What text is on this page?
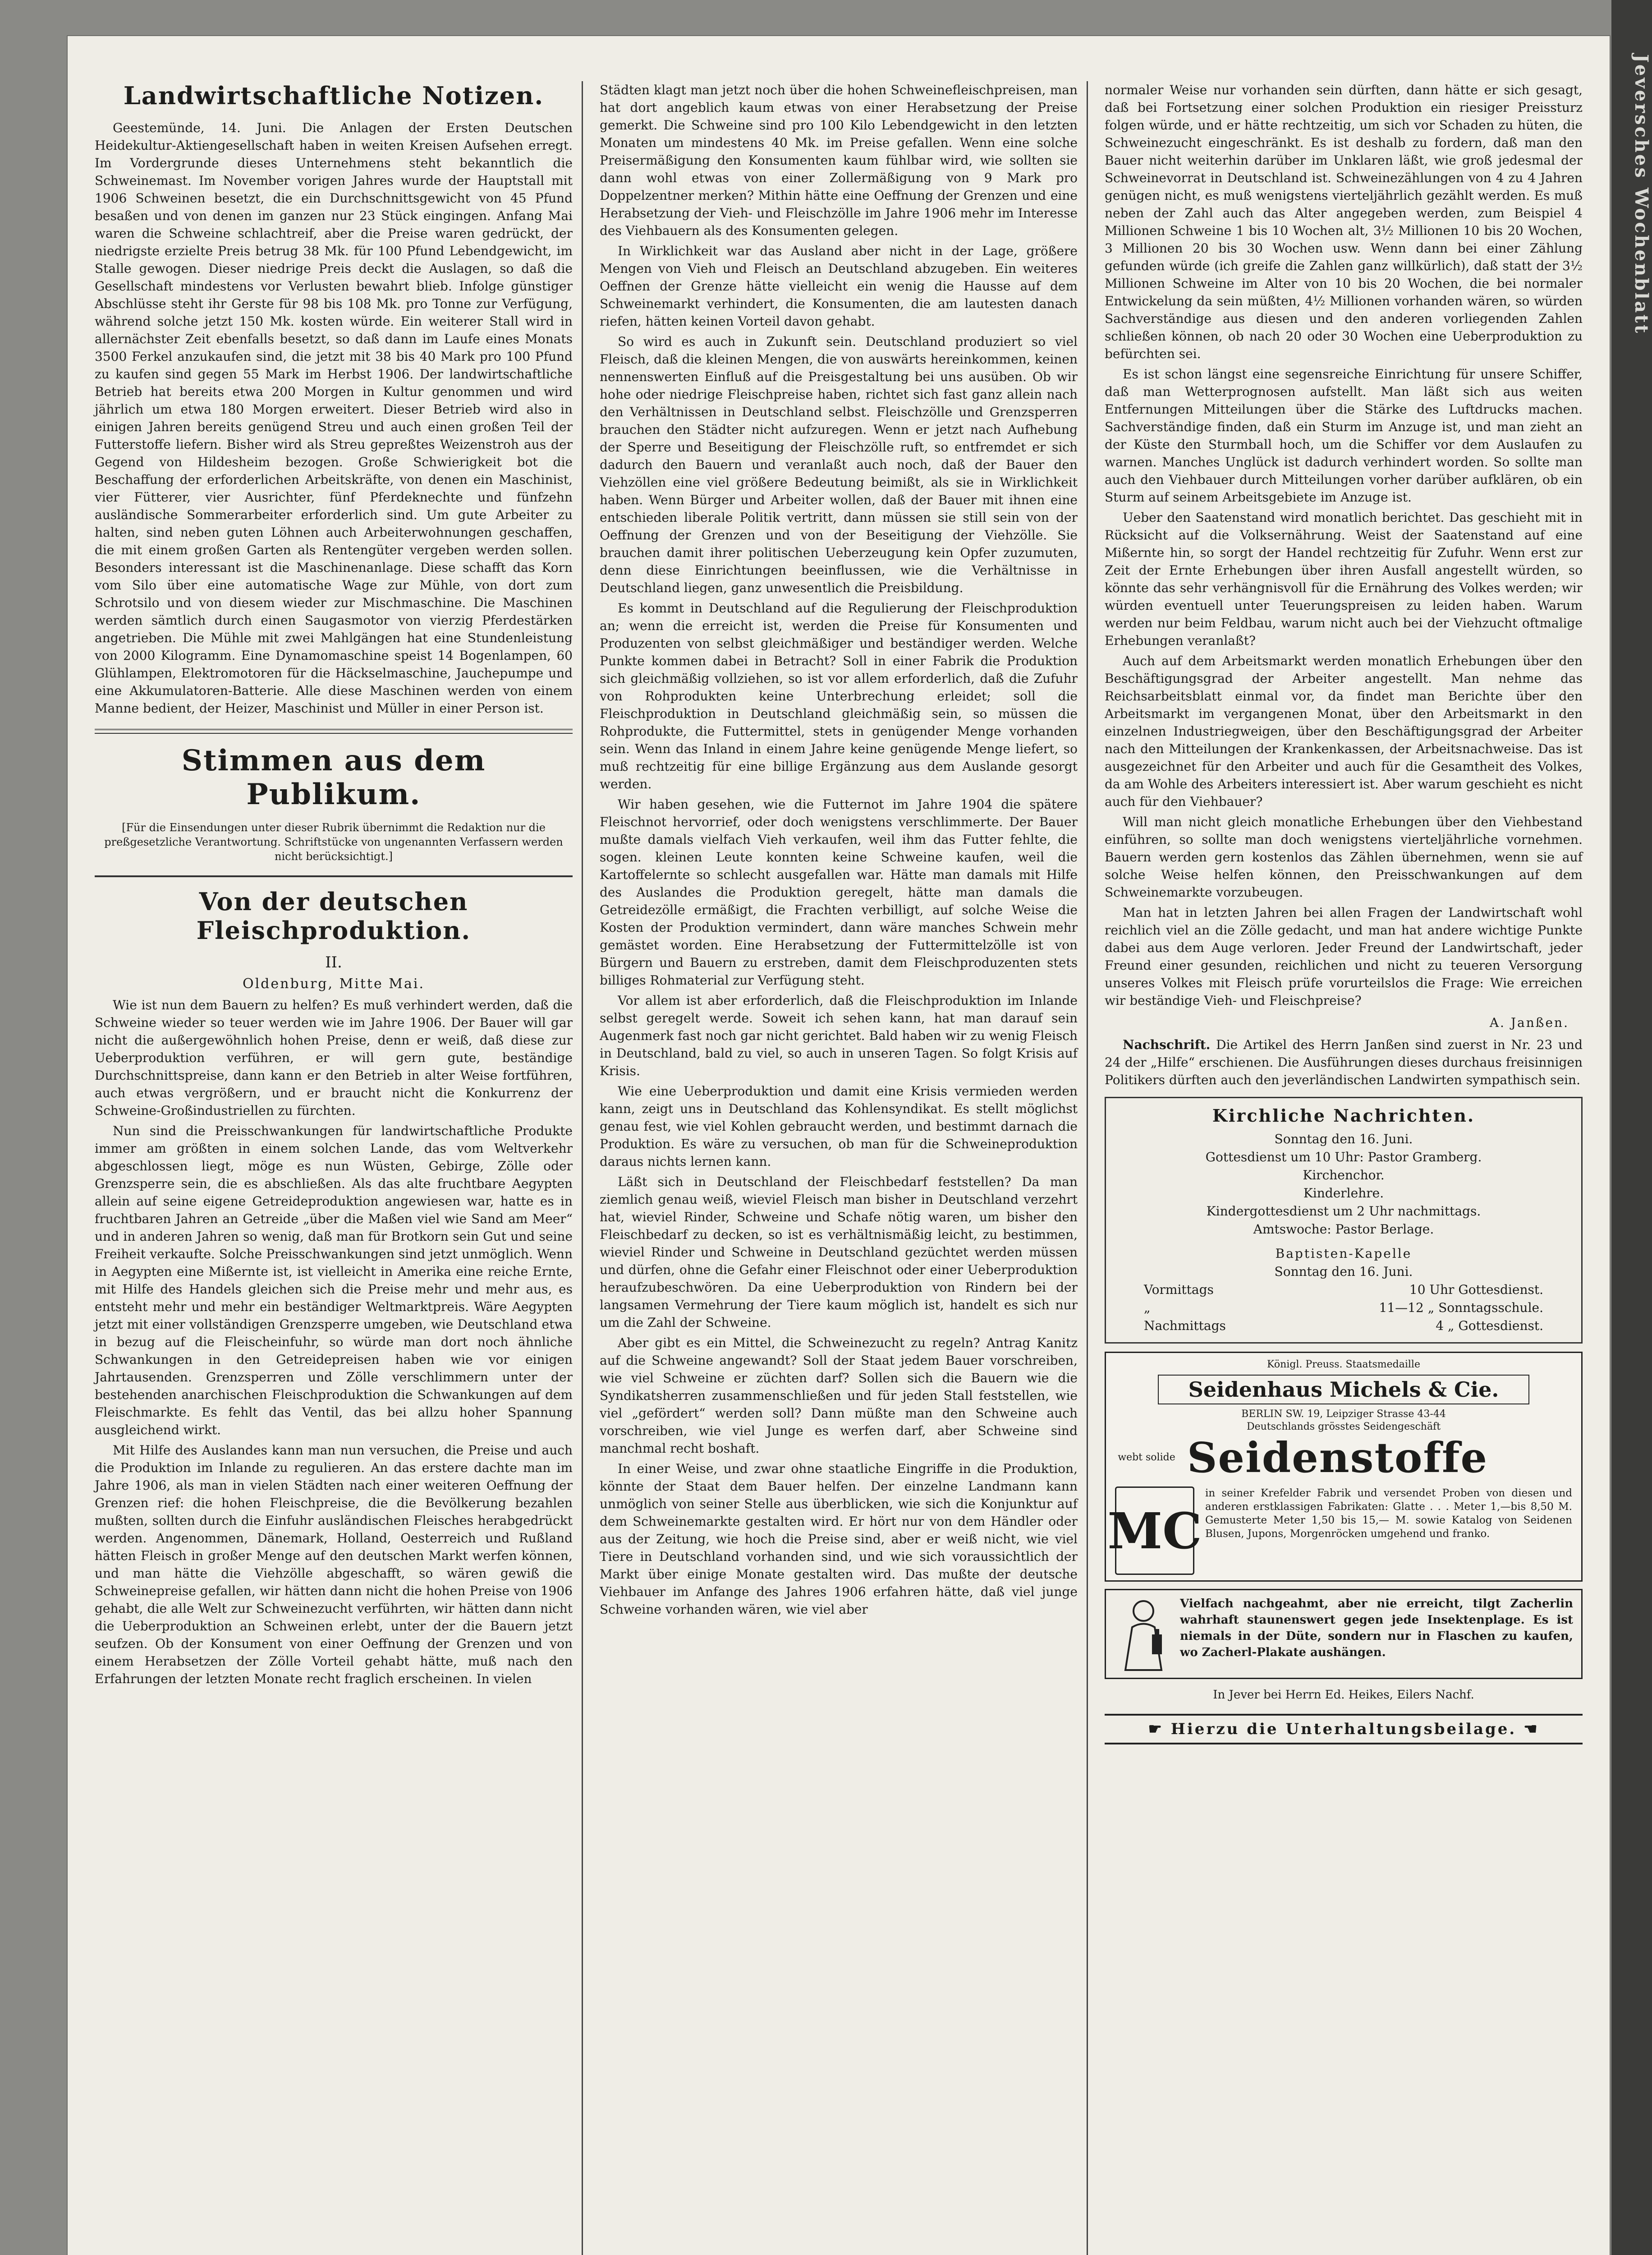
Jeversches Wochenblatt
Landwirtschaftliche Notizen.

Geestemünde, 14. Juni. Die Anlagen der Ersten Deutschen Heidekultur-Aktiengesellschaft haben in weiten Kreisen Aufsehen erregt. Im Vordergrunde dieses Unternehmens steht bekanntlich die Schweinemast. Im November vorigen Jahres wurde der Hauptstall mit 1906 Schweinen besetzt, die ein Durchschnittsgewicht von 45 Pfund besaßen und von denen im ganzen nur 23 Stück eingingen. Anfang Mai waren die Schweine schlachtreif, aber die Preise waren gedrückt, der niedrigste erzielte Preis betrug 38 Mk. für 100 Pfund Lebendgewicht, im Stalle gewogen. Dieser niedrige Preis deckt die Auslagen, so daß die Gesellschaft mindestens vor Verlusten bewahrt blieb. Infolge günstiger Abschlüsse steht ihr Gerste für 98 bis 108 Mk. pro Tonne zur Verfügung, während solche jetzt 150 Mk. kosten würde. Ein weiterer Stall wird in allernächster Zeit ebenfalls besetzt, so daß dann im Laufe eines Monats 3500 Ferkel anzukaufen sind, die jetzt mit 38 bis 40 Mark pro 100 Pfund zu kaufen sind gegen 55 Mark im Herbst 1906. Der landwirtschaftliche Betrieb hat bereits etwa 200 Morgen in Kultur genommen und wird jährlich um etwa 180 Morgen erweitert. Dieser Betrieb wird also in einigen Jahren bereits genügend Streu und auch einen großen Teil der Futterstoffe liefern. Bisher wird als Streu gepreßtes Weizenstroh aus der Gegend von Hildesheim bezogen. Große Schwierigkeit bot die Beschaffung der erforderlichen Arbeitskräfte, von denen ein Maschinist, vier Fütterer, vier Ausrichter, fünf Pferdeknechte und fünfzehn ausländische Sommerarbeiter erforderlich sind. Um gute Arbeiter zu halten, sind neben guten Löhnen auch Arbeiterwohnungen geschaffen, die mit einem großen Garten als Rentengüter vergeben werden sollen. Besonders interessant ist die Maschinenanlage. Diese schafft das Korn vom Silo über eine automatische Wage zur Mühle, von dort zum Schrotsilo und von diesem wieder zur Mischmaschine. Die Maschinen werden sämtlich durch einen Saugasmotor von vierzig Pferdestärken angetrieben. Die Mühle mit zwei Mahlgängen hat eine Stundenleistung von 2000 Kilogramm. Eine Dynamomaschine speist 14 Bogenlampen, 60 Glühlampen, Elektromotoren für die Häckselmaschine, Jauchepumpe und eine Akkumulatoren-Batterie. Alle diese Maschinen werden von einem Manne bedient, der Heizer, Maschinist und Müller in einer Person ist.

Stimmen aus dem Publikum.
[Für die Einsendungen unter dieser Rubrik übernimmt die Redaktion nur die preßgesetzliche Verantwortung. Schriftstücke von ungenannten Verfassern werden nicht berücksichtigt.]
Von der deutschen Fleischproduktion.
II.
Oldenburg, Mitte Mai.

Wie ist nun dem Bauern zu helfen? Es muß verhindert werden, daß die Schweine wieder so teuer werden wie im Jahre 1906. Der Bauer will gar nicht die außergewöhnlich hohen Preise, denn er weiß, daß diese zur Ueberproduktion verführen, er will gern gute, beständige Durchschnittspreise, dann kann er den Betrieb in alter Weise fortführen, auch etwas vergrößern, und er braucht nicht die Konkurrenz der Schweine-Großindustriellen zu fürchten.

Nun sind die Preisschwankungen für landwirtschaftliche Produkte immer am größten in einem solchen Lande, das vom Weltverkehr abgeschlossen liegt, möge es nun Wüsten, Gebirge, Zölle oder Grenzsperre sein, die es abschließen. Als das alte fruchtbare Aegypten allein auf seine eigene Getreideproduktion angewiesen war, hatte es in fruchtbaren Jahren an Getreide „über die Maßen viel wie Sand am Meer“ und in anderen Jahren so wenig, daß man für Brotkorn sein Gut und seine Freiheit verkaufte. Solche Preisschwankungen sind jetzt unmöglich. Wenn in Aegypten eine Mißernte ist, ist vielleicht in Amerika eine reiche Ernte, mit Hilfe des Handels gleichen sich die Preise mehr und mehr aus, es entsteht mehr und mehr ein beständiger Weltmarktpreis. Wäre Aegypten jetzt mit einer vollständigen Grenzsperre umgeben, wie Deutschland etwa in bezug auf die Fleischeinfuhr, so würde man dort noch ähnliche Schwankungen in den Getreidepreisen haben wie vor einigen Jahrtausenden. Grenzsperren und Zölle verschlimmern unter der bestehenden anarchischen Fleischproduktion die Schwankungen auf dem Fleischmarkte. Es fehlt das Ventil, das bei allzu hoher Spannung ausgleichend wirkt.

Mit Hilfe des Auslandes kann man nun versuchen, die Preise und auch die Produktion im Inlande zu regulieren. An das erstere dachte man im Jahre 1906, als man in vielen Städten nach einer weiteren Oeffnung der Grenzen rief: die hohen Fleischpreise, die die Bevölkerung bezahlen mußten, sollten durch die Einfuhr ausländischen Fleisches herabgedrückt werden. Angenommen, Dänemark, Holland, Oesterreich und Rußland hätten Fleisch in großer Menge auf den deutschen Markt werfen können, und man hätte die Viehzölle abgeschafft, so wären gewiß die Schweinepreise gefallen, wir hätten dann nicht die hohen Preise von 1906 gehabt, die alle Welt zur Schweinezucht verführten, wir hätten dann nicht die Ueberproduktion an Schweinen erlebt, unter der die Bauern jetzt seufzen. Ob der Konsument von einer Oeffnung der Grenzen und von einem Herabsetzen der Zölle Vorteil gehabt hätte, muß nach den Erfahrungen der letzten Monate recht fraglich erscheinen. In vielen

Städten klagt man jetzt noch über die hohen Schweinefleischpreisen, man hat dort angeblich kaum etwas von einer Herabsetzung der Preise gemerkt. Die Schweine sind pro 100 Kilo Lebendgewicht in den letzten Monaten um mindestens 40 Mk. im Preise gefallen. Wenn eine solche Preisermäßigung den Konsumenten kaum fühlbar wird, wie sollten sie dann wohl etwas von einer Zollermäßigung von 9 Mark pro Doppelzentner merken? Mithin hätte eine Oeffnung der Grenzen und eine Herabsetzung der Vieh- und Fleischzölle im Jahre 1906 mehr im Interesse des Viehbauern als des Konsumenten gelegen.

In Wirklichkeit war das Ausland aber nicht in der Lage, größere Mengen von Vieh und Fleisch an Deutschland abzugeben. Ein weiteres Oeffnen der Grenze hätte vielleicht ein wenig die Hausse auf dem Schweinemarkt verhindert, die Konsumenten, die am lautesten danach riefen, hätten keinen Vorteil davon gehabt.

So wird es auch in Zukunft sein. Deutschland produziert so viel Fleisch, daß die kleinen Mengen, die von auswärts hereinkommen, keinen nennenswerten Einfluß auf die Preisgestaltung bei uns ausüben. Ob wir hohe oder niedrige Fleischpreise haben, richtet sich fast ganz allein nach den Verhältnissen in Deutschland selbst. Fleischzölle und Grenzsperren brauchen den Städter nicht aufzuregen. Wenn er jetzt nach Aufhebung der Sperre und Beseitigung der Fleischzölle ruft, so entfremdet er sich dadurch den Bauern und veranlaßt auch noch, daß der Bauer den Viehzöllen eine viel größere Bedeutung beimißt, als sie in Wirklichkeit haben. Wenn Bürger und Arbeiter wollen, daß der Bauer mit ihnen eine entschieden liberale Politik vertritt, dann müssen sie still sein von der Oeffnung der Grenzen und von der Beseitigung der Viehzölle. Sie brauchen damit ihrer politischen Ueberzeugung kein Opfer zuzumuten, denn diese Einrichtungen beeinflussen, wie die Verhältnisse in Deutschland liegen, ganz unwesentlich die Preisbildung.

Es kommt in Deutschland auf die Regulierung der Fleischproduktion an; wenn die erreicht ist, werden die Preise für Konsumenten und Produzenten von selbst gleichmäßiger und beständiger werden. Welche Punkte kommen dabei in Betracht? Soll in einer Fabrik die Produktion sich gleichmäßig vollziehen, so ist vor allem erforderlich, daß die Zufuhr von Rohprodukten keine Unterbrechung erleidet; soll die Fleischproduktion in Deutschland gleichmäßig sein, so müssen die Rohprodukte, die Futtermittel, stets in genügender Menge vorhanden sein. Wenn das Inland in einem Jahre keine genügende Menge liefert, so muß rechtzeitig für eine billige Ergänzung aus dem Auslande gesorgt werden.

Wir haben gesehen, wie die Futternot im Jahre 1904 die spätere Fleischnot hervorrief, oder doch wenigstens verschlimmerte. Der Bauer mußte damals vielfach Vieh verkaufen, weil ihm das Futter fehlte, die sogen. kleinen Leute konnten keine Schweine kaufen, weil die Kartoffelernte so schlecht ausgefallen war. Hätte man damals mit Hilfe des Auslandes die Produktion geregelt, hätte man damals die Getreidezölle ermäßigt, die Frachten verbilligt, auf solche Weise die Kosten der Produktion vermindert, dann wäre manches Schwein mehr gemästet worden. Eine Herabsetzung der Futtermittelzölle ist von Bürgern und Bauern zu erstreben, damit dem Fleischproduzenten stets billiges Rohmaterial zur Verfügung steht.

Vor allem ist aber erforderlich, daß die Fleischproduktion im Inlande selbst geregelt werde. Soweit ich sehen kann, hat man darauf sein Augenmerk fast noch gar nicht gerichtet. Bald haben wir zu wenig Fleisch in Deutschland, bald zu viel, so auch in unseren Tagen. So folgt Krisis auf Krisis.

Wie eine Ueberproduktion und damit eine Krisis vermieden werden kann, zeigt uns in Deutschland das Kohlensyndikat. Es stellt möglichst genau fest, wie viel Kohlen gebraucht werden, und bestimmt darnach die Produktion. Es wäre zu versuchen, ob man für die Schweineproduktion daraus nichts lernen kann.

Läßt sich in Deutschland der Fleischbedarf feststellen? Da man ziemlich genau weiß, wieviel Fleisch man bisher in Deutschland verzehrt hat, wieviel Rinder, Schweine und Schafe nötig waren, um bisher den Fleischbedarf zu decken, so ist es verhältnismäßig leicht, zu bestimmen, wieviel Rinder und Schweine in Deutschland gezüchtet werden müssen und dürfen, ohne die Gefahr einer Fleischnot oder einer Ueberproduktion heraufzubeschwören. Da eine Ueberproduktion von Rindern bei der langsamen Vermehrung der Tiere kaum möglich ist, handelt es sich nur um die Zahl der Schweine.

Aber gibt es ein Mittel, die Schweinezucht zu regeln? Antrag Kanitz auf die Schweine angewandt? Soll der Staat jedem Bauer vorschreiben, wie viel Schweine er züchten darf? Sollen sich die Bauern wie die Syndikatsherren zusammenschließen und für jeden Stall feststellen, wie viel „gefördert“ werden soll? Dann müßte man den Schweine auch vorschreiben, wie viel Junge es werfen darf, aber Schweine sind manchmal recht boshaft.

In einer Weise, und zwar ohne staatliche Eingriffe in die Produktion, könnte der Staat dem Bauer helfen. Der einzelne Landmann kann unmöglich von seiner Stelle aus überblicken, wie sich die Konjunktur auf dem Schweinemarkte gestalten wird. Er hört nur von dem Händler oder aus der Zeitung, wie hoch die Preise sind, aber er weiß nicht, wie viel Tiere in Deutschland vorhanden sind, und wie sich voraussichtlich der Markt über einige Monate gestalten wird. Das mußte der deutsche Viehbauer im Anfange des Jahres 1906 erfahren hätte, daß viel junge Schweine vorhanden wären, wie viel aber

normaler Weise nur vorhanden sein dürften, dann hätte er sich gesagt, daß bei Fortsetzung einer solchen Produktion ein riesiger Preissturz folgen würde, und er hätte rechtzeitig, um sich vor Schaden zu hüten, die Schweinezucht eingeschränkt. Es ist deshalb zu fordern, daß man den Bauer nicht weiterhin darüber im Unklaren läßt, wie groß jedesmal der Schweinevorrat in Deutschland ist. Schweinezählungen von 4 zu 4 Jahren genügen nicht, es muß wenigstens vierteljährlich gezählt werden. Es muß neben der Zahl auch das Alter angegeben werden, zum Beispiel 4 Millionen Schweine 1 bis 10 Wochen alt, 3½ Millionen 10 bis 20 Wochen, 3 Millionen 20 bis 30 Wochen usw. Wenn dann bei einer Zählung gefunden würde (ich greife die Zahlen ganz willkürlich), daß statt der 3½ Millionen Schweine im Alter von 10 bis 20 Wochen, die bei normaler Entwickelung da sein müßten, 4½ Millionen vorhanden wären, so würden Sachverständige aus diesen und den anderen vorliegenden Zahlen schließen können, ob nach 20 oder 30 Wochen eine Ueberproduktion zu befürchten sei.

Es ist schon längst eine segensreiche Einrichtung für unsere Schiffer, daß man Wetterprognosen aufstellt. Man läßt sich aus weiten Entfernungen Mitteilungen über die Stärke des Luftdrucks machen. Sachverständige finden, daß ein Sturm im Anzuge ist, und man zieht an der Küste den Sturmball hoch, um die Schiffer vor dem Auslaufen zu warnen. Manches Unglück ist dadurch verhindert worden. So sollte man auch den Viehbauer durch Mitteilungen vorher darüber aufklären, ob ein Sturm auf seinem Arbeitsgebiete im Anzuge ist.

Ueber den Saatenstand wird monatlich berichtet. Das geschieht mit in Rücksicht auf die Volksernährung. Weist der Saatenstand auf eine Mißernte hin, so sorgt der Handel rechtzeitig für Zufuhr. Wenn erst zur Zeit der Ernte Erhebungen über ihren Ausfall angestellt würden, so könnte das sehr verhängnisvoll für die Ernährung des Volkes werden; wir würden eventuell unter Teuerungspreisen zu leiden haben. Warum werden nur beim Feldbau, warum nicht auch bei der Viehzucht oftmalige Erhebungen veranlaßt?

Auch auf dem Arbeitsmarkt werden monatlich Erhebungen über den Beschäftigungsgrad der Arbeiter angestellt. Man nehme das Reichsarbeitsblatt einmal vor, da findet man Berichte über den Arbeitsmarkt im vergangenen Monat, über den Arbeitsmarkt in den einzelnen Industriegweigen, über den Beschäftigungsgrad der Arbeiter nach den Mitteilungen der Krankenkassen, der Arbeitsnachweise. Das ist ausgezeichnet für den Arbeiter und auch für die Gesamtheit des Volkes, da am Wohle des Arbeiters interessiert ist. Aber warum geschieht es nicht auch für den Viehbauer?

Will man nicht gleich monatliche Erhebungen über den Viehbestand einführen, so sollte man doch wenigstens vierteljährliche vornehmen. Bauern werden gern kostenlos das Zählen übernehmen, wenn sie auf solche Weise helfen können, den Preisschwankungen auf dem Schweinemarkte vorzubeugen.

Man hat in letzten Jahren bei allen Fragen der Landwirtschaft wohl reichlich viel an die Zölle gedacht, und man hat andere wichtige Punkte dabei aus dem Auge verloren. Jeder Freund der Landwirtschaft, jeder Freund einer gesunden, reichlichen und nicht zu teueren Versorgung unseres Volkes mit Fleisch prüfe vorurteilslos die Frage: Wie erreichen wir beständige Vieh- und Fleischpreise?

A. Janßen.

Nachschrift. Die Artikel des Herrn Janßen sind zuerst in Nr. 23 und 24 der „Hilfe“ erschienen. Die Ausführungen dieses durchaus freisinnigen Politikers dürften auch den jeverländischen Landwirten sympathisch sein.

Kirchliche Nachrichten.
Sonntag den 16. Juni.
Gottesdienst um 10 Uhr: Pastor Gramberg.
Kirchenchor.
Kinderlehre.
Kindergottesdienst um 2 Uhr nachmittags.
Amtswoche: Pastor Berlage.
Baptisten-Kapelle
Sonntag den 16. Juni.
Vormittags	10 Uhr Gottesdienst.
„	11—12 „ Sonntagsschule.
Nachmittags	4 „ Gottesdienst.
Königl. Preuss. Staatsmedaille
Seidenhaus Michels & Cie.
BERLIN SW. 19, Leipziger Strasse 43-44
Deutschlands grösstes Seidengeschäft
webt solide Seidenstoffe
MC
in seiner Krefelder Fabrik und versendet Proben von diesen und anderen erstklassigen Fabrikaten: Glatte . . . Meter 1,—bis 8,50 M. Gemusterte Meter 1,50 bis 15,— M. sowie Katalog von Seidenen Blusen, Jupons, Morgenröcken umgehend und franko.
Vielfach nachgeahmt, aber nie erreicht, tilgt Zacherlin wahrhaft staunenswert gegen jede Insektenplage. Es ist niemals in der Düte, sondern nur in Flaschen zu kaufen, wo Zacherl-Plakate aushängen.
In Jever bei Herrn Ed. Heikes, Eilers Nachf.
☛ Hierzu die Unterhaltungsbeilage. ☚
